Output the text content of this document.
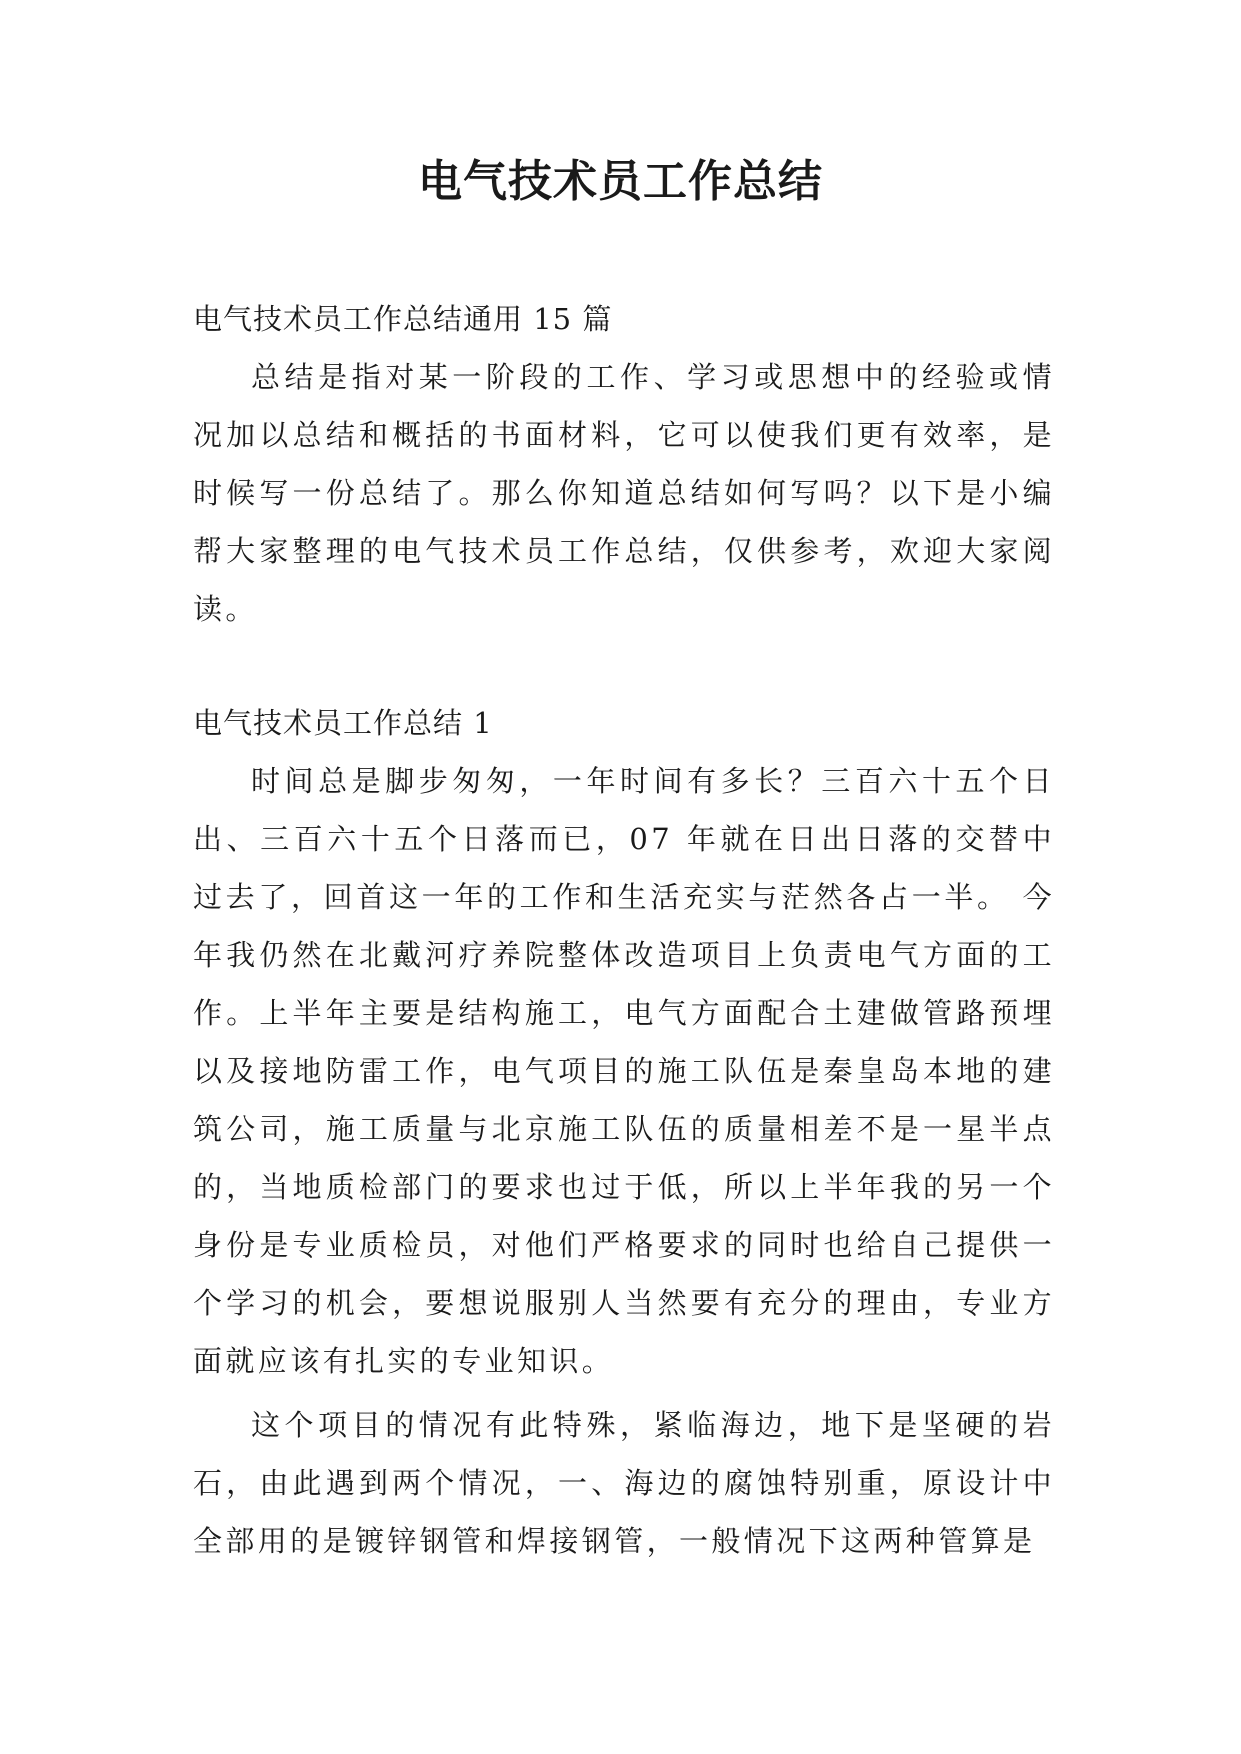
电气技术员工作总结

电气技术员工作总结通用 15 篇

总结是指对某一阶段的工作、学习或思想中的经验或情况加以总结和概括的书面材料，它可以使我们更有效率，是时候写一份总结了。那么你知道总结如何写吗？以下是小编帮大家整理的电气技术员工作总结，仅供参考，欢迎大家阅读。

电气技术员工作总结 1

时间总是脚步匆匆，一年时间有多长？三百六十五个日出、三百六十五个日落而已，07 年就在日出日落的交替中过去了，回首这一年的工作和生活充实与茫然各占一半。 今年我仍然在北戴河疗养院整体改造项目上负责电气方面的工作。上半年主要是结构施工，电气方面配合土建做管路预埋以及接地防雷工作，电气项目的施工队伍是秦皇岛本地的建筑公司，施工质量与北京施工队伍的质量相差不是一星半点的，当地质检部门的要求也过于低，所以上半年我的另一个身份是专业质检员，对他们严格要求的同时也给自己提供一个学习的机会，要想说服别人当然要有充分的理由，专业方面就应该有扎实的专业知识。

这个项目的情况有此特殊，紧临海边，地下是坚硬的岩石，由此遇到两个情况，一、海边的腐蚀特别重，原设计中全部用的是镀锌钢管和焊接钢管，一般情况下这两种管算是
